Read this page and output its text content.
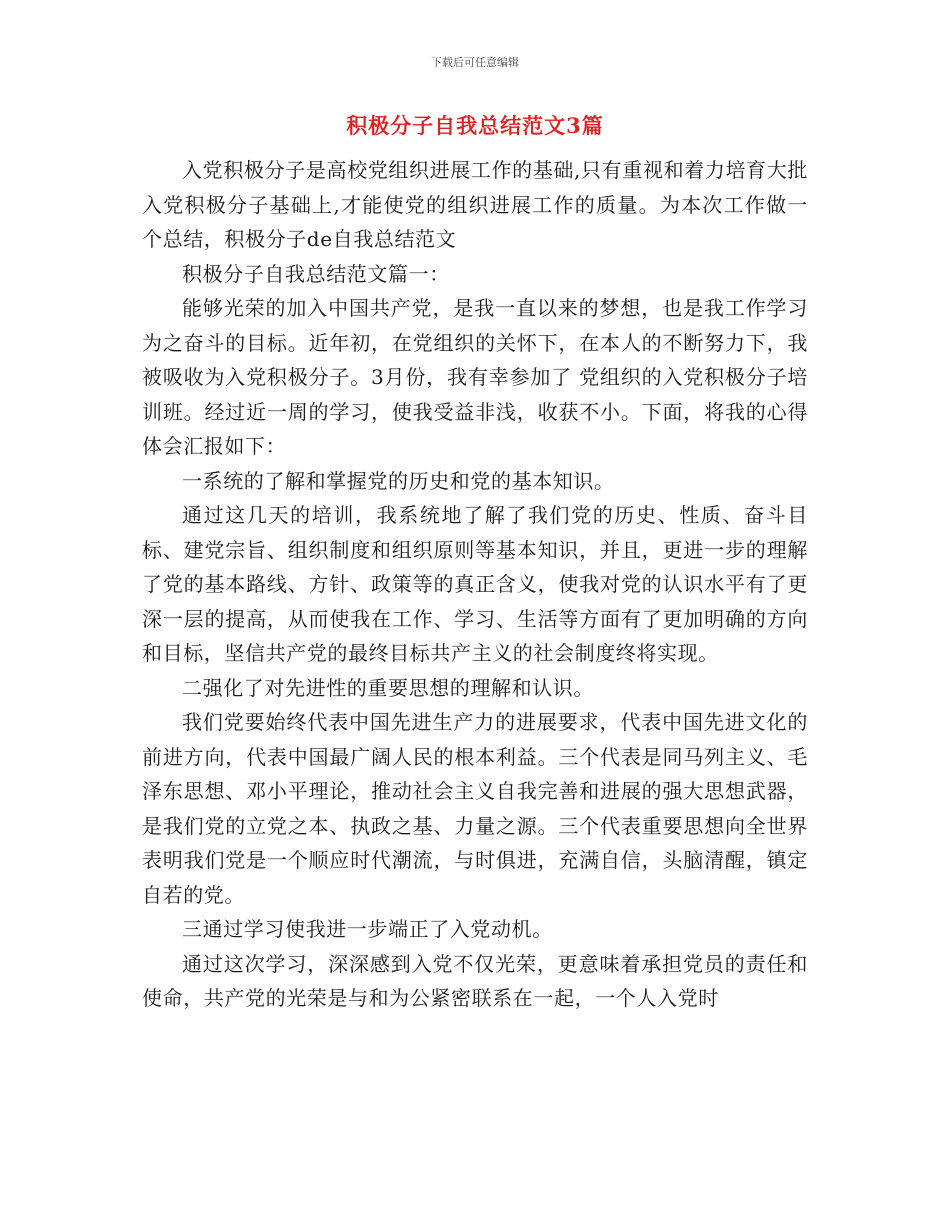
下载后可任意编辑
积极分子自我总结范文3篇

入党积极分子是高校党组织进展工作的基础,只有重视和着力培育大批入党积极分子基础上,才能使党的组织进展工作的质量。为本次工作做一个总结，积极分子de自我总结范文

积极分子自我总结范文篇一：

能够光荣的加入中国共产党，是我一直以来的梦想，也是我工作学习为之奋斗的目标。近年初，在党组织的关怀下，在本人的不断努力下，我被吸收为入党积极分子。3月份，我有幸参加了 党组织的入党积极分子培训班。经过近一周的学习，使我受益非浅，收获不小。下面，将我的心得体会汇报如下：

一系统的了解和掌握党的历史和党的基本知识。

通过这几天的培训，我系统地了解了我们党的历史、性质、奋斗目标、建党宗旨、组织制度和组织原则等基本知识，并且，更进一步的理解了党的基本路线、方针、政策等的真正含义，使我对党的认识水平有了更深一层的提高，从而使我在工作、学习、生活等方面有了更加明确的方向和目标，坚信共产党的最终目标共产主义的社会制度终将实现。

二强化了对先进性的重要思想的理解和认识。

我们党要始终代表中国先进生产力的进展要求，代表中国先进文化的前进方向，代表中国最广阔人民的根本利益。三个代表是同马列主义、毛泽东思想、邓小平理论，推动社会主义自我完善和进展的强大思想武器，是我们党的立党之本、执政之基、力量之源。三个代表重要思想向全世界表明我们党是一个顺应时代潮流，与时俱进，充满自信，头脑清醒，镇定自若的党。

三通过学习使我进一步端正了入党动机。

通过这次学习，深深感到入党不仅光荣，更意味着承担党员的责任和使命，共产党的光荣是与和为公紧密联系在一起，一个人入党时
